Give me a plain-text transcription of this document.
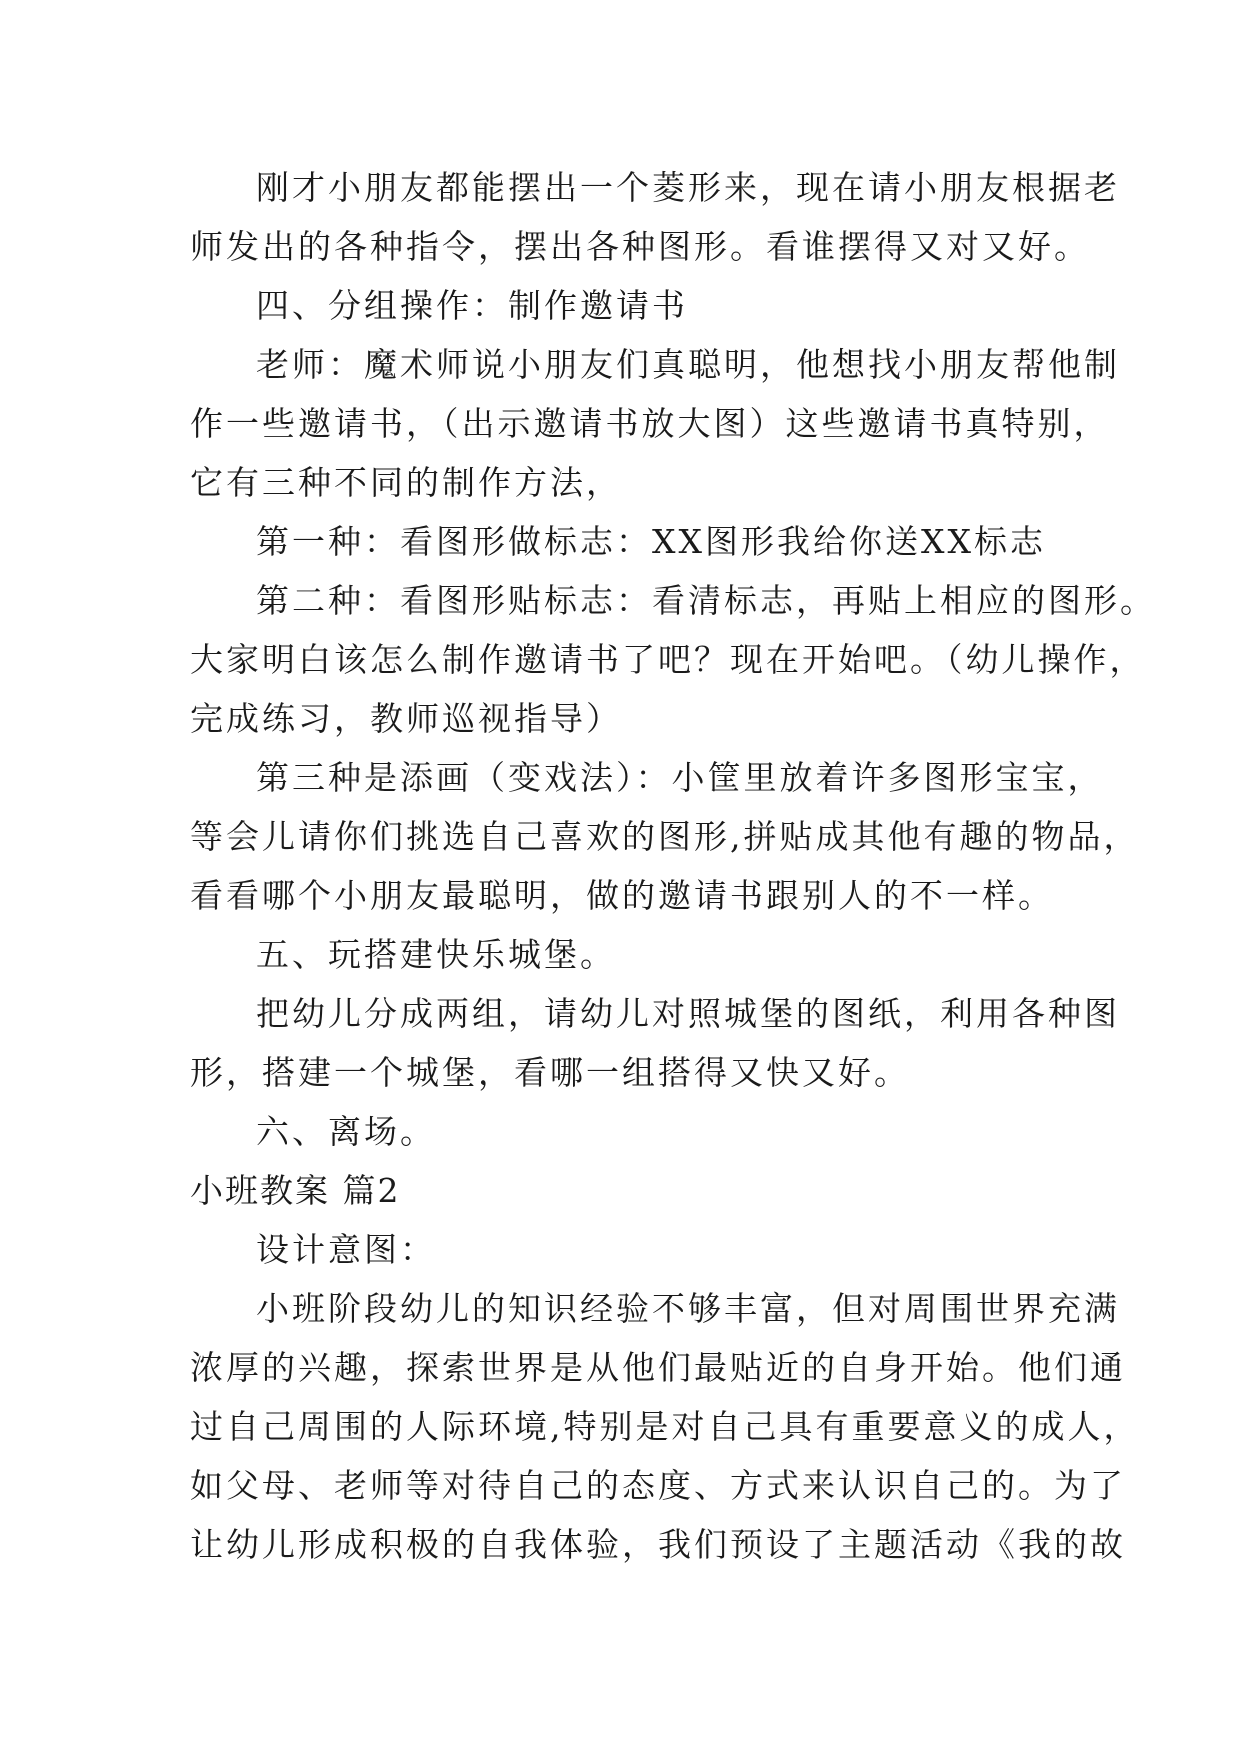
刚才小朋友都能摆出一个菱形来，现在请小朋友根据老
师发出的各种指令，摆出各种图形。看谁摆得又对又好。
四、分组操作：制作邀请书
老师：魔术师说小朋友们真聪明，他想找小朋友帮他制
作一些邀请书，（出示邀请书放大图）这些邀请书真特别，
它有三种不同的制作方法，
第一种：看图形做标志：XX图形我给你送XX标志
第二种：看图形贴标志：看清标志，再贴上相应的图形。
大家明白该怎么制作邀请书了吧？现在开始吧。（幼儿操作，
完成练习，教师巡视指导）
第三种是添画（变戏法）：小筐里放着许多图形宝宝，
等会儿请你们挑选自己喜欢的图形,拼贴成其他有趣的物品，
看看哪个小朋友最聪明，做的邀请书跟别人的不一样。
五、玩搭建快乐城堡。
把幼儿分成两组，请幼儿对照城堡的图纸，利用各种图
形，搭建一个城堡，看哪一组搭得又快又好。
六、离场。
小班教案 篇2
设计意图：
小班阶段幼儿的知识经验不够丰富，但对周围世界充满
浓厚的兴趣，探索世界是从他们最贴近的自身开始。他们通
过自己周围的人际环境,特别是对自己具有重要意义的成人，
如父母、老师等对待自己的态度、方式来认识自己的。为了
让幼儿形成积极的自我体验，我们预设了主题活动《我的故
